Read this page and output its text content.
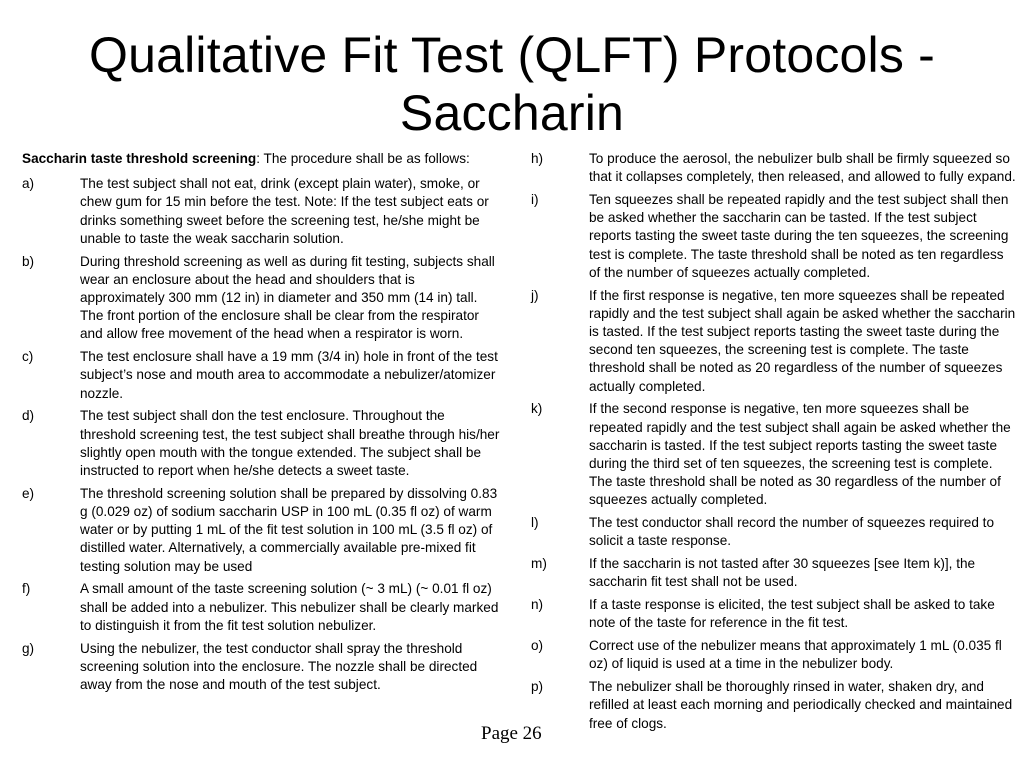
Qualitative Fit Test (QLFT) Protocols - Saccharin

Saccharin taste threshold screening: The procedure shall be as follows:

a)	The test subject shall not eat, drink (except plain water), smoke, or chew gum for 15 min before the test. Note: If the test subject eats or drinks something sweet before the screening test, he/she might be unable to taste the weak saccharin solution.
b)	During threshold screening as well as during fit testing, subjects shall wear an enclosure about the head and shoulders that is approximately 300 mm (12 in) in diameter and 350 mm (14 in) tall. The front portion of the enclosure shall be clear from the respirator and allow free movement of the head when a respirator is worn.
c)	The test enclosure shall have a 19 mm (3/4 in) hole in front of the test subject’s nose and mouth area to accommodate a nebulizer/atomizer nozzle.
d)	The test subject shall don the test enclosure. Throughout the threshold screening test, the test subject shall breathe through his/her slightly open mouth with the tongue extended. The subject shall be instructed to report when he/she detects a sweet taste.
e)	The threshold screening solution shall be prepared by dissolving 0.83 g (0.029 oz) of sodium saccharin USP in 100 mL (0.35 fl oz) of warm water or by putting 1 mL of the fit test solution in 100 mL (3.5 fl oz) of distilled water. Alternatively, a commercially available pre-mixed fit testing solution may be used
f)	A small amount of the taste screening solution (~ 3 mL) (~ 0.01 fl oz) shall be added into a nebulizer. This nebulizer shall be clearly marked to distinguish it from the fit test solution nebulizer.
g)	Using the nebulizer, the test conductor shall spray the threshold screening solution into the enclosure. The nozzle shall be directed away from the nose and mouth of the test subject.
h)	To produce the aerosol, the nebulizer bulb shall be firmly squeezed so that it collapses completely, then released, and allowed to fully expand.
i)	Ten squeezes shall be repeated rapidly and the test subject shall then be asked whether the saccharin can be tasted. If the test subject reports tasting the sweet taste during the ten squeezes, the screening test is complete. The taste threshold shall be noted as ten regardless of the number of squeezes actually completed.
j)	If the first response is negative, ten more squeezes shall be repeated rapidly and the test subject shall again be asked whether the saccharin is tasted. If the test subject reports tasting the sweet taste during the second ten squeezes, the screening test is complete. The taste threshold shall be noted as 20 regardless of the number of squeezes actually completed.
k)	If the second response is negative, ten more squeezes shall be repeated rapidly and the test subject shall again be asked whether the saccharin is tasted. If the test subject reports tasting the sweet taste during the third set of ten squeezes, the screening test is complete. The taste threshold shall be noted as 30 regardless of the number of squeezes actually completed.
l)	The test conductor shall record the number of squeezes required to solicit a taste response.
m)	If the saccharin is not tasted after 30 squeezes [see Item k)], the saccharin fit test shall not be used.
n)	If a taste response is elicited, the test subject shall be asked to take note of the taste for reference in the fit test.
o)	Correct use of the nebulizer means that approximately 1 mL (0.035 fl oz) of liquid is used at a time in the nebulizer body.
p)	The nebulizer shall be thoroughly rinsed in water, shaken dry, and refilled at least each morning and periodically checked and maintained free of clogs.
Page 26
